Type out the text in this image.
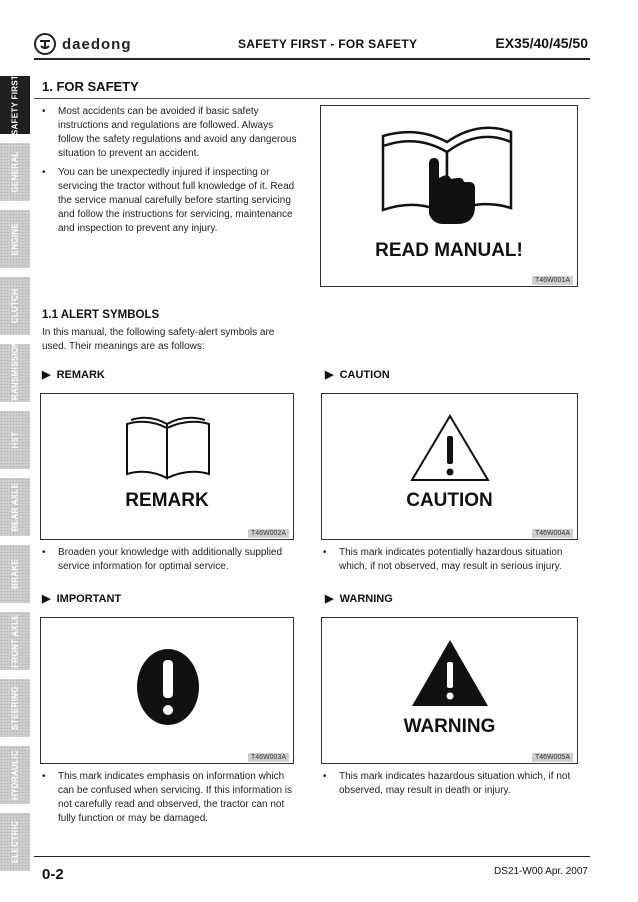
daedong	SAFETY FIRST - FOR SAFETY	EX35/40/45/50
SAFETY FIRST
GENERAL
ENGINE
CLUTCH
TRANSMISSION
HST
REAR AXLE
BRAKE
FRONT AXLE
STEERING
HYDRAULIC
ELECTRIC
1. FOR SAFETY
• Most accidents can be avoided if basic safety instructions and regulations are followed. Always follow the safety regulations and avoid any dangerous situation to prevent an accident.
• You can be unexpectedly injured if inspecting or servicing the tractor without full knowledge of it. Read the service manual carefully before starting servicing and follow the instructions for servicing, maintenance and inspection to prevent any injury.
READ MANUAL!
T46W001A
1.1 ALERT SYMBOLS
In this manual, the following safety-alert symbols are used. Their meanings are as follows:
▶ REMARK
REMARK
T46W002A
• Broaden your knowledge with additionally supplied service information for optimal service.
▶ CAUTION
CAUTION
T46W004A
• This mark indicates potentially hazardous situation which, if not observed, may result in serious injury.
▶ IMPORTANT
T46W003A
• This mark indicates emphasis on information which can be confused when servicing. If this information is not carefully read and observed, the tractor can not fully function or may be damaged.
▶ WARNING
WARNING
T46W005A
• This mark indicates hazardous situation which, if not observed, may result in death or injury.
0-2	DS21-W00 Apr. 2007
